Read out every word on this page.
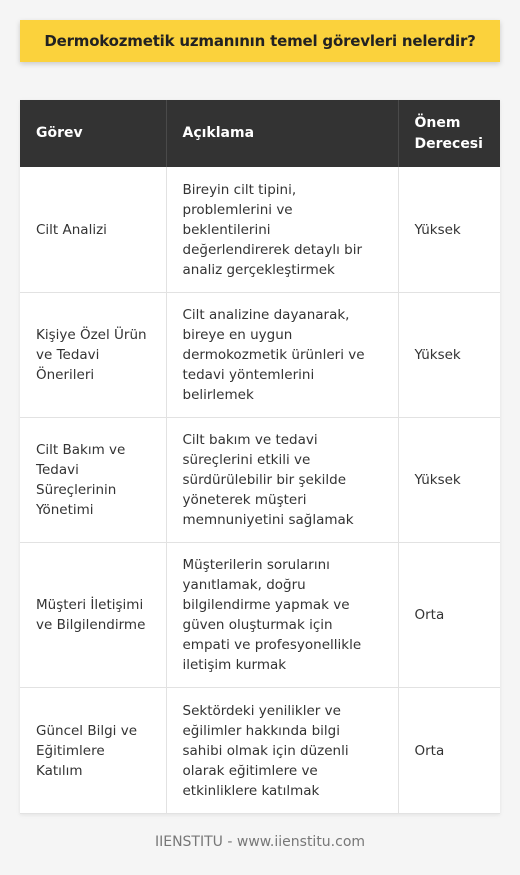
Dermokozmetik uzmanının temel görevleri nelerdir?
Görev	Açıklama	Önem Derecesi
Cilt Analizi	Bireyin cilt tipini, problemlerini ve beklentilerini değerlendirerek detaylı bir analiz gerçekleştirmek	Yüksek
Kişiye Özel Ürün ve Tedavi Önerileri	Cilt analizine dayanarak, bireye en uygun dermokozmetik ürünleri ve tedavi yöntemlerini belirlemek	Yüksek
Cilt Bakım ve Tedavi Süreçlerinin Yönetimi	Cilt bakım ve tedavi süreçlerini etkili ve sürdürülebilir bir şekilde yöneterek müşteri memnuniyetini sağlamak	Yüksek
Müşteri İletişimi ve Bilgilendirme	Müşterilerin sorularını yanıtlamak, doğru bilgilendirme yapmak ve güven oluşturmak için empati ve profesyonellikle iletişim kurmak	Orta
Güncel Bilgi ve Eğitimlere Katılım	Sektördeki yenilikler ve eğilimler hakkında bilgi sahibi olmak için düzenli olarak eğitimlere ve etkinliklere katılmak	Orta
IIENSTITU - www.iienstitu.com
